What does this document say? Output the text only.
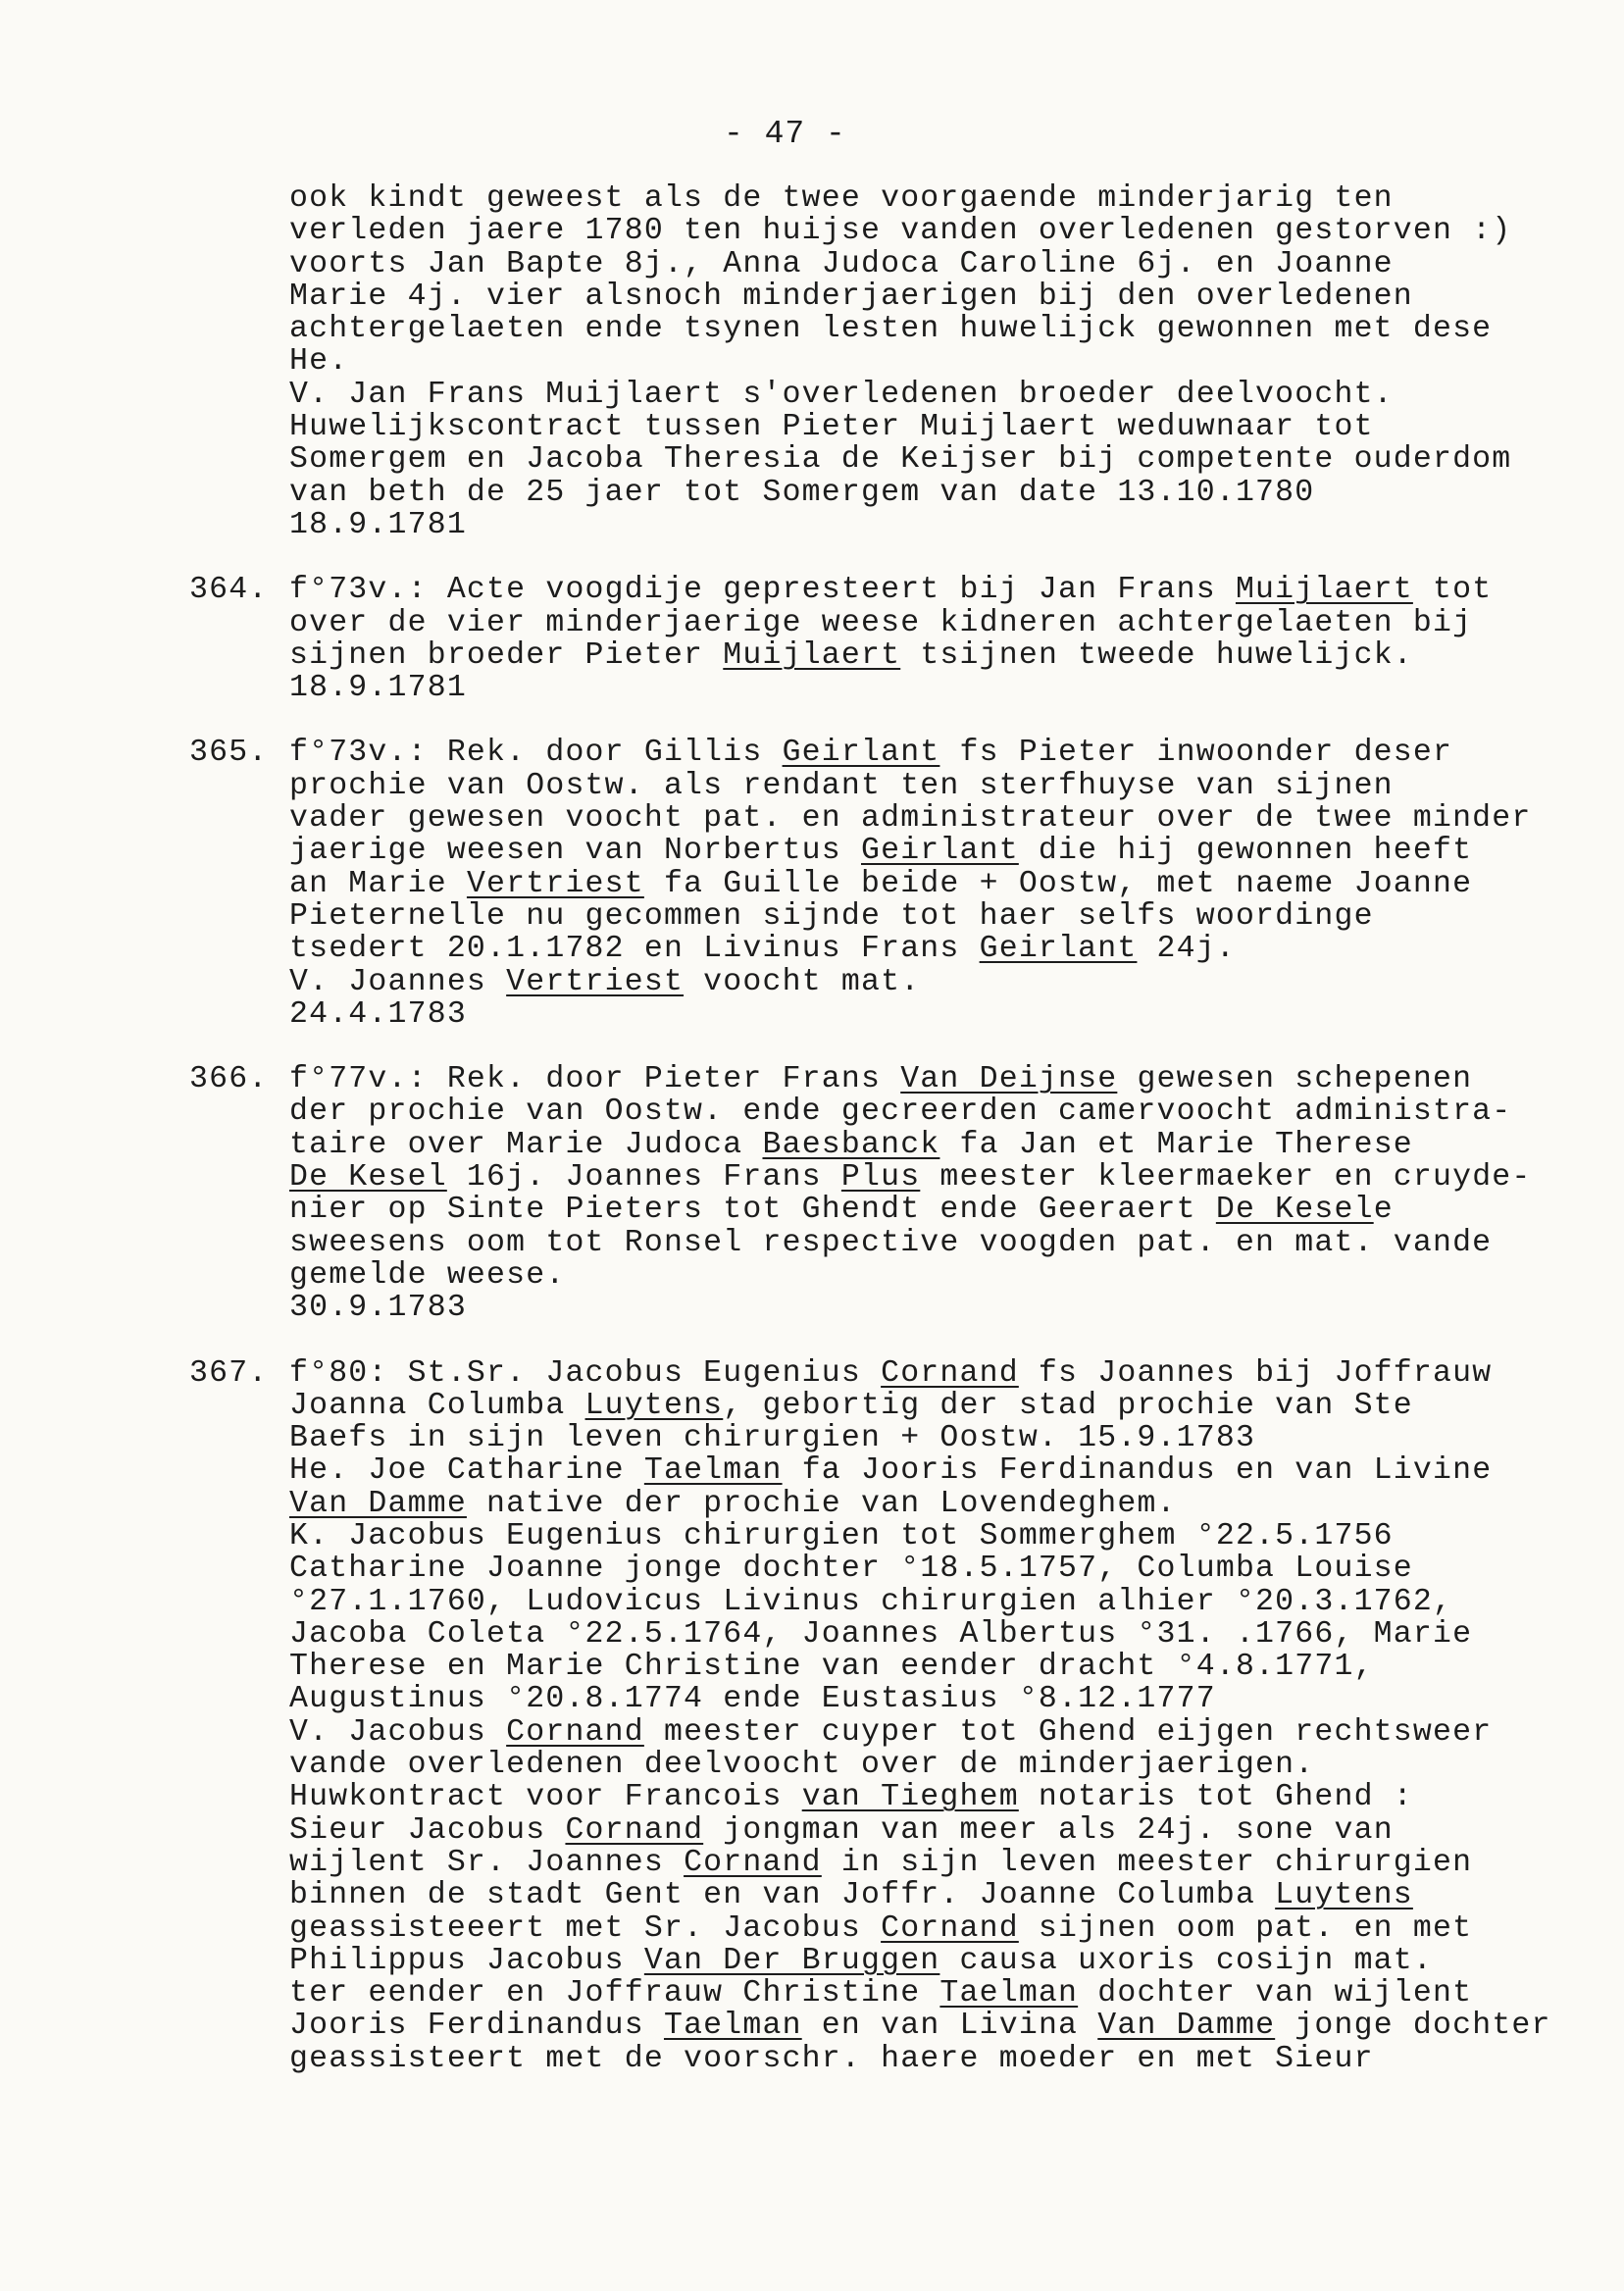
- 47 -
ook kindt geweest als de twee voorgaende minderjarig ten
verleden jaere 1780 ten huijse vanden overledenen gestorven :)
voorts Jan Bapte 8j., Anna Judoca Caroline 6j. en Joanne
Marie 4j. vier alsnoch minderjaerigen bij den overledenen
achtergelaeten ende tsynen lesten huwelijck gewonnen met dese
He.
V. Jan Frans Muijlaert s'overledenen broeder deelvoocht.
Huwelijkscontract tussen Pieter Muijlaert weduwnaar tot
Somergem en Jacoba Theresia de Keijser bij competente ouderdom
van beth de 25 jaer tot Somergem van date 13.10.1780
18.9.1781
364. f°73v.: Acte voogdije gepresteert bij Jan Frans Muijlaert tot
over de vier minderjaerige weese kidneren achtergelaeten bij
sijnen broeder Pieter Muijlaert tsijnen tweede huwelijck.
18.9.1781
365. f°73v.: Rek. door Gillis Geirlant fs Pieter inwoonder deser
prochie van Oostw. als rendant ten sterfhuyse van sijnen
vader gewesen voocht pat. en administrateur over de twee minder
jaerige weesen van Norbertus Geirlant die hij gewonnen heeft
an Marie Vertriest fa Guille beide + Oostw, met naeme Joanne
Pieternelle nu gecommen sijnde tot haer selfs woordinge
tsedert 20.1.1782 en Livinus Frans Geirlant 24j.
V. Joannes Vertriest voocht mat.
24.4.1783
366. f°77v.: Rek. door Pieter Frans Van Deijnse gewesen schepenen
der prochie van Oostw. ende gecreerden camervoocht administra-
taire over Marie Judoca Baesbanck fa Jan et Marie Therese
De Kesel 16j. Joannes Frans Plus meester kleermaeker en cruyde-
nier op Sinte Pieters tot Ghendt ende Geeraert De Kesele
sweesens oom tot Ronsel respective voogden pat. en mat. vande
gemelde weese.
30.9.1783
367. f°80: St.Sr. Jacobus Eugenius Cornand fs Joannes bij Joffrauw
Joanna Columba Luytens, gebortig der stad prochie van Ste
Baefs in sijn leven chirurgien + Oostw. 15.9.1783
He. Joe Catharine Taelman fa Jooris Ferdinandus en van Livine
Van Damme native der prochie van Lovendeghem.
K. Jacobus Eugenius chirurgien tot Sommerghem °22.5.1756
Catharine Joanne jonge dochter °18.5.1757, Columba Louise
°27.1.1760, Ludovicus Livinus chirurgien alhier °20.3.1762,
Jacoba Coleta °22.5.1764, Joannes Albertus °31. .1766, Marie
Therese en Marie Christine van eender dracht °4.8.1771,
Augustinus °20.8.1774 ende Eustasius °8.12.1777
V. Jacobus Cornand meester cuyper tot Ghend eijgen rechtsweer
vande overledenen deelvoocht over de minderjaerigen.
Huwkontract voor Francois van Tieghem notaris tot Ghend :
Sieur Jacobus Cornand jongman van meer als 24j. sone van
wijlent Sr. Joannes Cornand in sijn leven meester chirurgien
binnen de stadt Gent en van Joffr. Joanne Columba Luytens
geassisteeert met Sr. Jacobus Cornand sijnen oom pat. en met
Philippus Jacobus Van Der Bruggen causa uxoris cosijn mat.
ter eender en Joffrauw Christine Taelman dochter van wijlent
Jooris Ferdinandus Taelman en van Livina Van Damme jonge dochter
geassisteert met de voorschr. haere moeder en met Sieur
